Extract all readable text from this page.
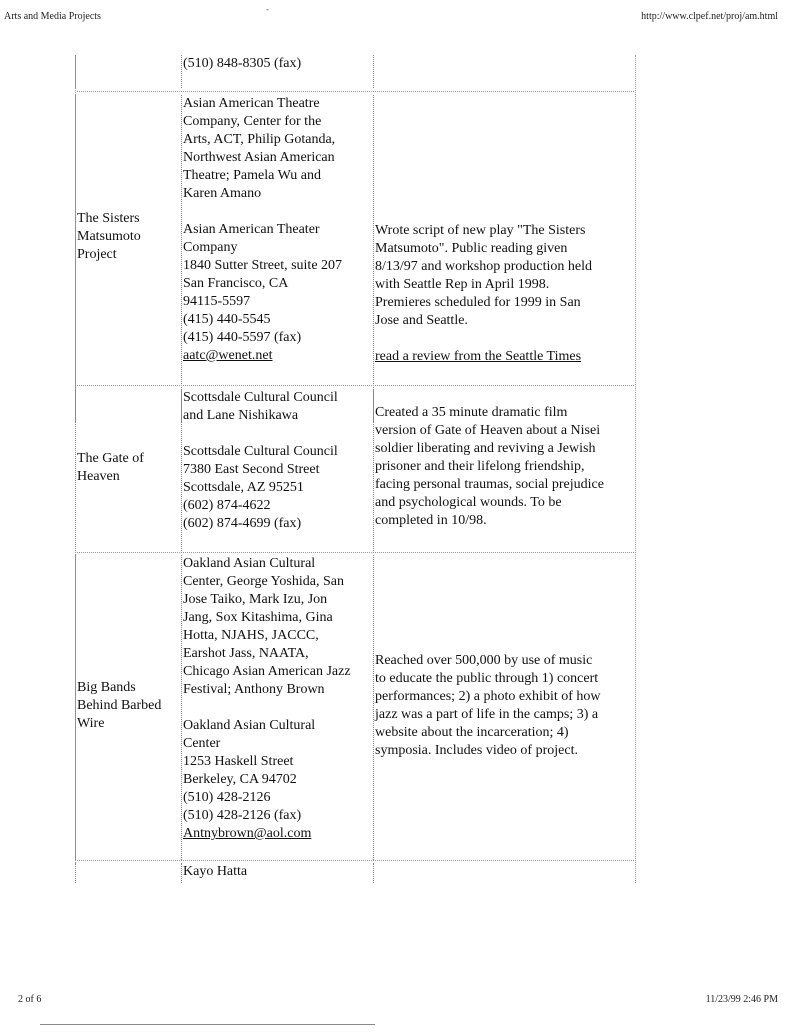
Arts and Media Projects
-
http://www.clpef.net/proj/am.html
(510) 848-8305 (fax)
The Sisters
Matsumoto
Project
Asian American Theatre
Company, Center for the
Arts, ACT, Philip Gotanda,
Northwest Asian American
Theatre; Pamela Wu and
Karen Amano
Asian American Theater
Company
1840 Sutter Street, suite 207
San Francisco, CA
94115-5597
(415) 440-5545
(415) 440-5597 (fax)
aatc@wenet.net
Wrote script of new play "The Sisters
Matsumoto". Public reading given
8/13/97 and workshop production held
with Seattle Rep in April 1998.
Premieres scheduled for 1999 in San
Jose and Seattle.
read a review from the Seattle Times
The Gate of
Heaven
Scottsdale Cultural Council
and Lane Nishikawa
Scottsdale Cultural Council
7380 East Second Street
Scottsdale, AZ 95251
(602) 874-4622
(602) 874-4699 (fax)
Created a 35 minute dramatic film
version of Gate of Heaven about a Nisei
soldier liberating and reviving a Jewish
prisoner and their lifelong friendship,
facing personal traumas, social prejudice
and psychological wounds. To be
completed in 10/98.
Big Bands
Behind Barbed
Wire
Oakland Asian Cultural
Center, George Yoshida, San
Jose Taiko, Mark Izu, Jon
Jang, Sox Kitashima, Gina
Hotta, NJAHS, JACCC,
Earshot Jass, NAATA,
Chicago Asian American Jazz
Festival; Anthony Brown
Oakland Asian Cultural
Center
1253 Haskell Street
Berkeley, CA 94702
(510) 428-2126
(510) 428-2126 (fax)
Antnybrown@aol.com
Reached over 500,000 by use of music
to educate the public through 1) concert
performances; 2) a photo exhibit of how
jazz was a part of life in the camps; 3) a
website about the incarceration; 4)
symposia. Includes video of project.
Kayo Hatta
2 of 6	11/23/99 2:46 PM
